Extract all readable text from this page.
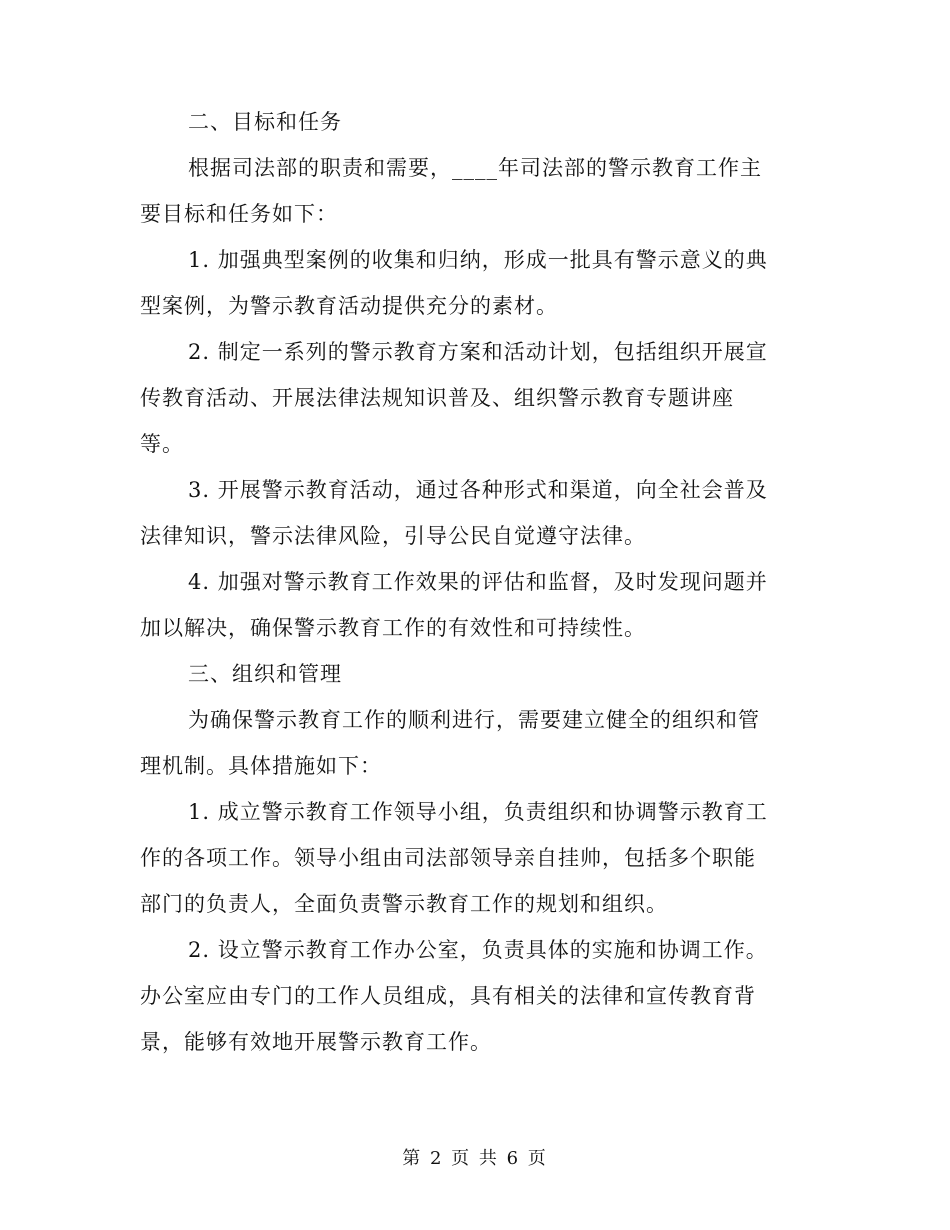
二、目标和任务
根据司法部的职责和需要，____年司法部的警示教育工作主
要目标和任务如下：
1. 加强典型案例的收集和归纳，形成一批具有警示意义的典
型案例，为警示教育活动提供充分的素材。
2. 制定一系列的警示教育方案和活动计划，包括组织开展宣
传教育活动、开展法律法规知识普及、组织警示教育专题讲座
等。
3. 开展警示教育活动，通过各种形式和渠道，向全社会普及
法律知识，警示法律风险，引导公民自觉遵守法律。
4. 加强对警示教育工作效果的评估和监督，及时发现问题并
加以解决，确保警示教育工作的有效性和可持续性。
三、组织和管理
为确保警示教育工作的顺利进行，需要建立健全的组织和管
理机制。具体措施如下：
1. 成立警示教育工作领导小组，负责组织和协调警示教育工
作的各项工作。领导小组由司法部领导亲自挂帅，包括多个职能
部门的负责人，全面负责警示教育工作的规划和组织。
2. 设立警示教育工作办公室，负责具体的实施和协调工作。
办公室应由专门的工作人员组成，具有相关的法律和宣传教育背
景，能够有效地开展警示教育工作。
第 2 页 共 6 页
